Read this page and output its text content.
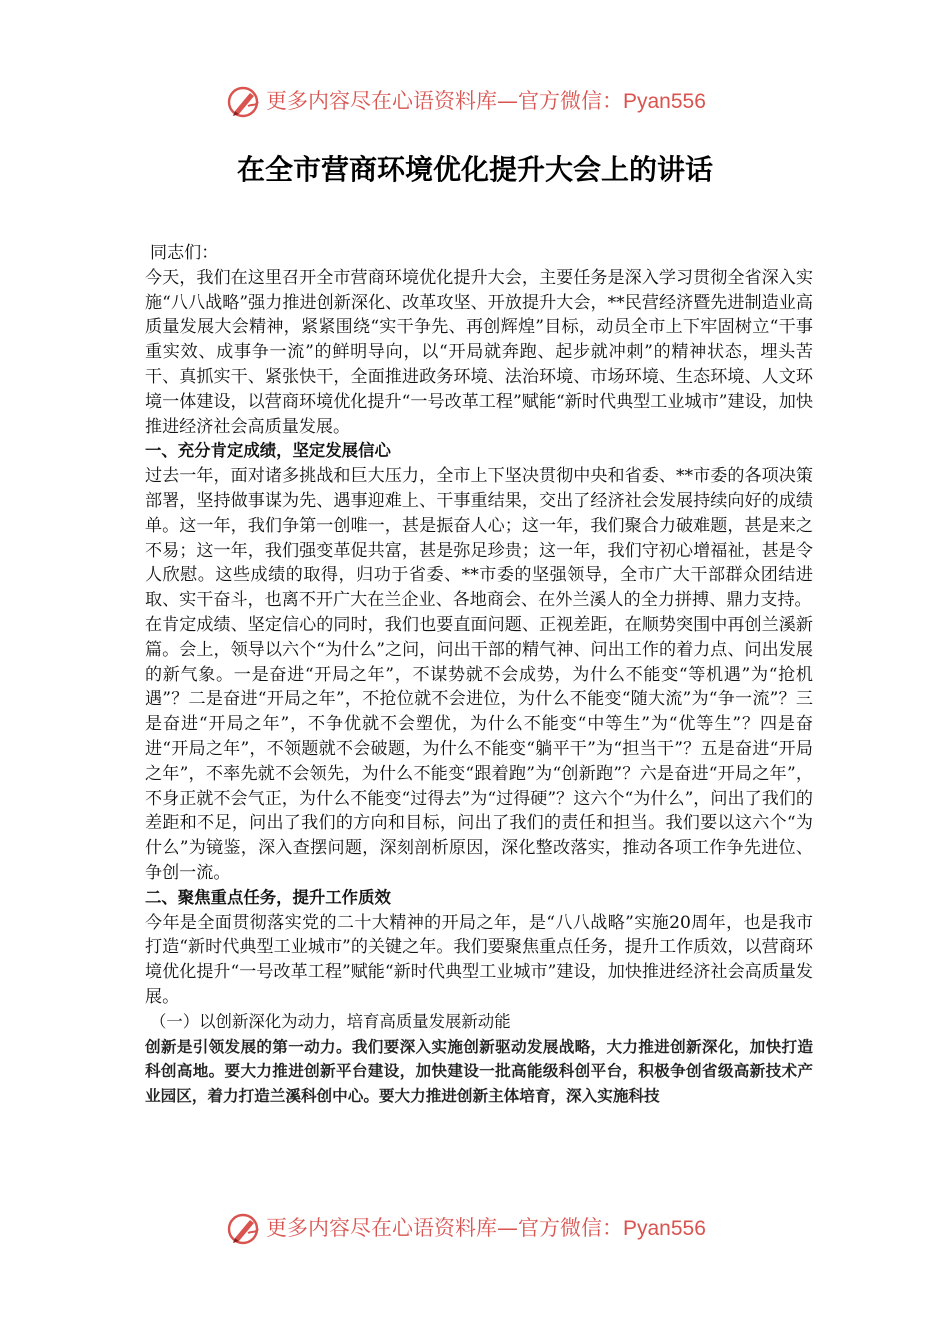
更多内容尽在心语资料库—官方微信：Pyan556
在全市营商环境优化提升大会上的讲话

同志们：

今天，我们在这里召开全市营商环境优化提升大会，主要任务是深入学习贯彻全省深入实施“八八战略”强力推进创新深化、改革攻坚、开放提升大会，**民营经济暨先进制造业高质量发展大会精神，紧紧围绕“实干争先、再创辉煌”目标，动员全市上下牢固树立“干事重实效、成事争一流”的鲜明导向，以“开局就奔跑、起步就冲刺”的精神状态，埋头苦干、真抓实干、紧张快干，全面推进政务环境、法治环境、市场环境、生态环境、人文环境一体建设，以营商环境优化提升“一号改革工程”赋能“新时代典型工业城市”建设，加快推进经济社会高质量发展。

一、充分肯定成绩，坚定发展信心

过去一年，面对诸多挑战和巨大压力，全市上下坚决贯彻中央和省委、**市委的各项决策部署，坚持做事谋为先、遇事迎难上、干事重结果，交出了经济社会发展持续向好的成绩单。这一年，我们争第一创唯一，甚是振奋人心；这一年，我们聚合力破难题，甚是来之不易；这一年，我们强变革促共富，甚是弥足珍贵；这一年，我们守初心增福祉，甚是令人欣慰。这些成绩的取得，归功于省委、**市委的坚强领导，全市广大干部群众团结进取、实干奋斗，也离不开广大在兰企业、各地商会、在外兰溪人的全力拼搏、鼎力支持。

在肯定成绩、坚定信心的同时，我们也要直面问题、正视差距，在顺势突围中再创兰溪新篇。会上，领导以六个“为什么”之问，问出干部的精气神、问出工作的着力点、问出发展的新气象。一是奋进“开局之年”，不谋势就不会成势，为什么不能变“等机遇”为“抢机遇”？二是奋进“开局之年”，不抢位就不会进位，为什么不能变“随大流”为“争一流”？三是奋进“开局之年”，不争优就不会塑优，为什么不能变“中等生”为“优等生”？四是奋进“开局之年”，不领题就不会破题，为什么不能变“躺平干”为“担当干”？五是奋进“开局之年”，不率先就不会领先，为什么不能变“跟着跑”为“创新跑”？六是奋进“开局之年”，不身正就不会气正，为什么不能变“过得去”为“过得硬”？这六个“为什么”，问出了我们的差距和不足，问出了我们的方向和目标，问出了我们的责任和担当。我们要以这六个“为什么”为镜鉴，深入查摆问题，深刻剖析原因，深化整改落实，推动各项工作争先进位、争创一流。

二、聚焦重点任务，提升工作质效

今年是全面贯彻落实党的二十大精神的开局之年，是“八八战略”实施20周年，也是我市打造“新时代典型工业城市”的关键之年。我们要聚焦重点任务，提升工作质效，以营商环境优化提升“一号改革工程”赋能“新时代典型工业城市”建设，加快推进经济社会高质量发展。

（一）以创新深化为动力，培育高质量发展新动能

创新是引领发展的第一动力。我们要深入实施创新驱动发展战略，大力推进创新深化，加快打造科创高地。要大力推进创新平台建设，加快建设一批高能级科创平台，积极争创省级高新技术产业园区，着力打造兰溪科创中心。要大力推进创新主体培育，深入实施科技

更多内容尽在心语资料库—官方微信：Pyan556
